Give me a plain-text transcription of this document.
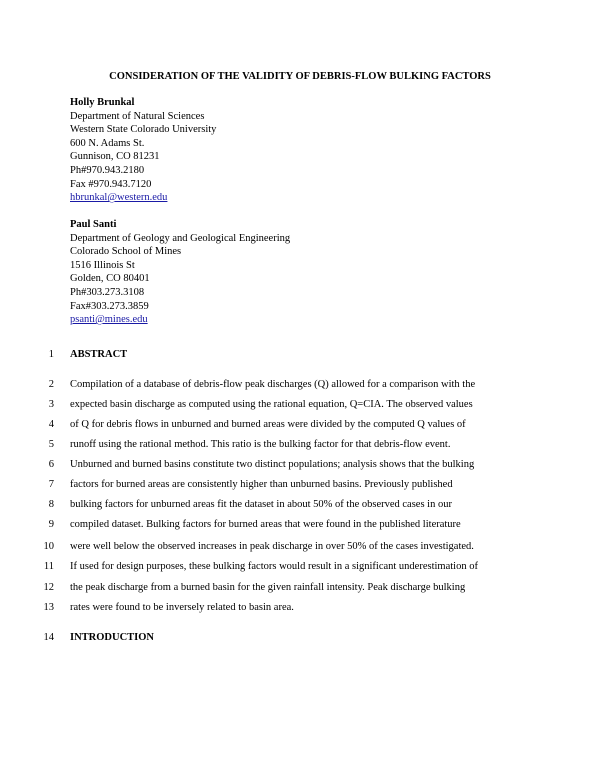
CONSIDERATION OF THE VALIDITY OF DEBRIS-FLOW BULKING FACTORS
Holly Brunkal
Department of Natural Sciences
Western State Colorado University
600 N. Adams St.
Gunnison, CO 81231
Ph#970.943.2180
Fax #970.943.7120
hbrunkal@western.edu
Paul Santi
Department of Geology and Geological Engineering
Colorado School of Mines
1516 Illinois St
Golden, CO 80401
Ph#303.273.3108
Fax#303.273.3859
psanti@mines.edu
1 ABSTRACT
2 Compilation of a database of debris-flow peak discharges (Q) allowed for a comparison with the
3 expected basin discharge as computed using the rational equation, Q=CIA. The observed values
4 of Q for debris flows in unburned and burned areas were divided by the computed Q values of
5 runoff using the rational method. This ratio is the bulking factor for that debris-flow event.
6 Unburned and burned basins constitute two distinct populations; analysis shows that the bulking
7 factors for burned areas are consistently higher than unburned basins. Previously published
8 bulking factors for unburned areas fit the dataset in about 50% of the observed cases in our
9 compiled dataset. Bulking factors for burned areas that were found in the published literature
10 were well below the observed increases in peak discharge in over 50% of the cases investigated.
11 If used for design purposes, these bulking factors would result in a significant underestimation of
12 the peak discharge from a burned basin for the given rainfall intensity. Peak discharge bulking
13 rates were found to be inversely related to basin area.
14 INTRODUCTION
